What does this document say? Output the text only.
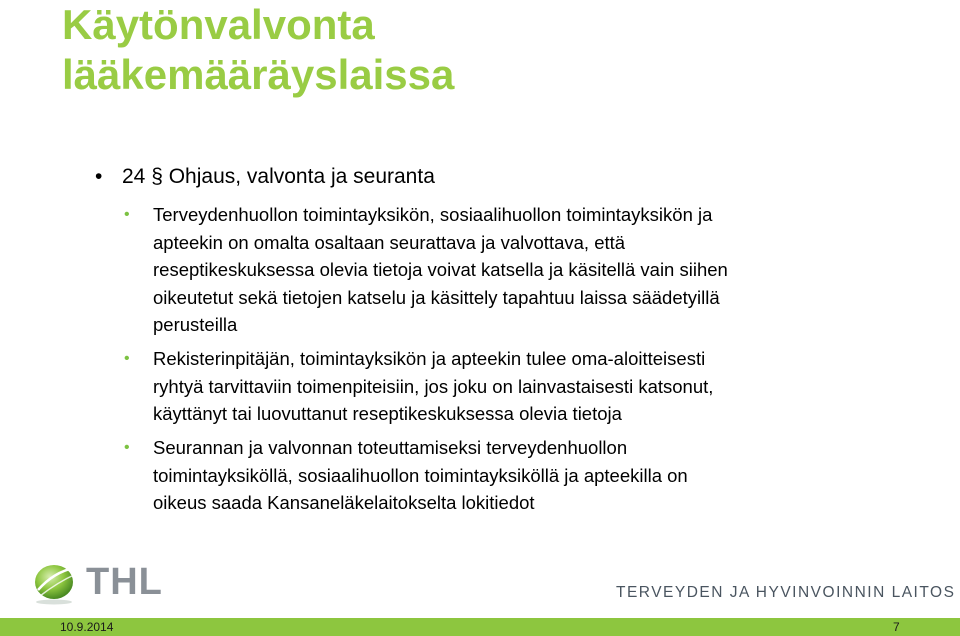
Käytönvalvonta
lääkemääräyslaissa
• 24 § Ohjaus, valvonta ja seuranta
• Terveydenhuollon toimintayksikön, sosiaalihuollon toimintayksikön ja
apteekin on omalta osaltaan seurattava ja valvottava, että
reseptikeskuksessa olevia tietoja voivat katsella ja käsitellä vain siihen
oikeutetut sekä tietojen katselu ja käsittely tapahtuu laissa säädetyillä
perusteilla
• Rekisterinpitäjän, toimintayksikön ja apteekin tulee oma-aloitteisesti
ryhtyä tarvittaviin toimenpiteisiin, jos joku on lainvastaisesti katsonut,
käyttänyt tai luovuttanut reseptikeskuksessa olevia tietoja
• Seurannan ja valvonnan toteuttamiseksi terveydenhuollon
toimintayksiköllä, sosiaalihuollon toimintayksiköllä ja apteekilla on
oikeus saada Kansaneläkelaitokselta lokitiedot
THL	TERVEYDEN JA HYVINVOINNIN LAITOS
10.9.2014	7
